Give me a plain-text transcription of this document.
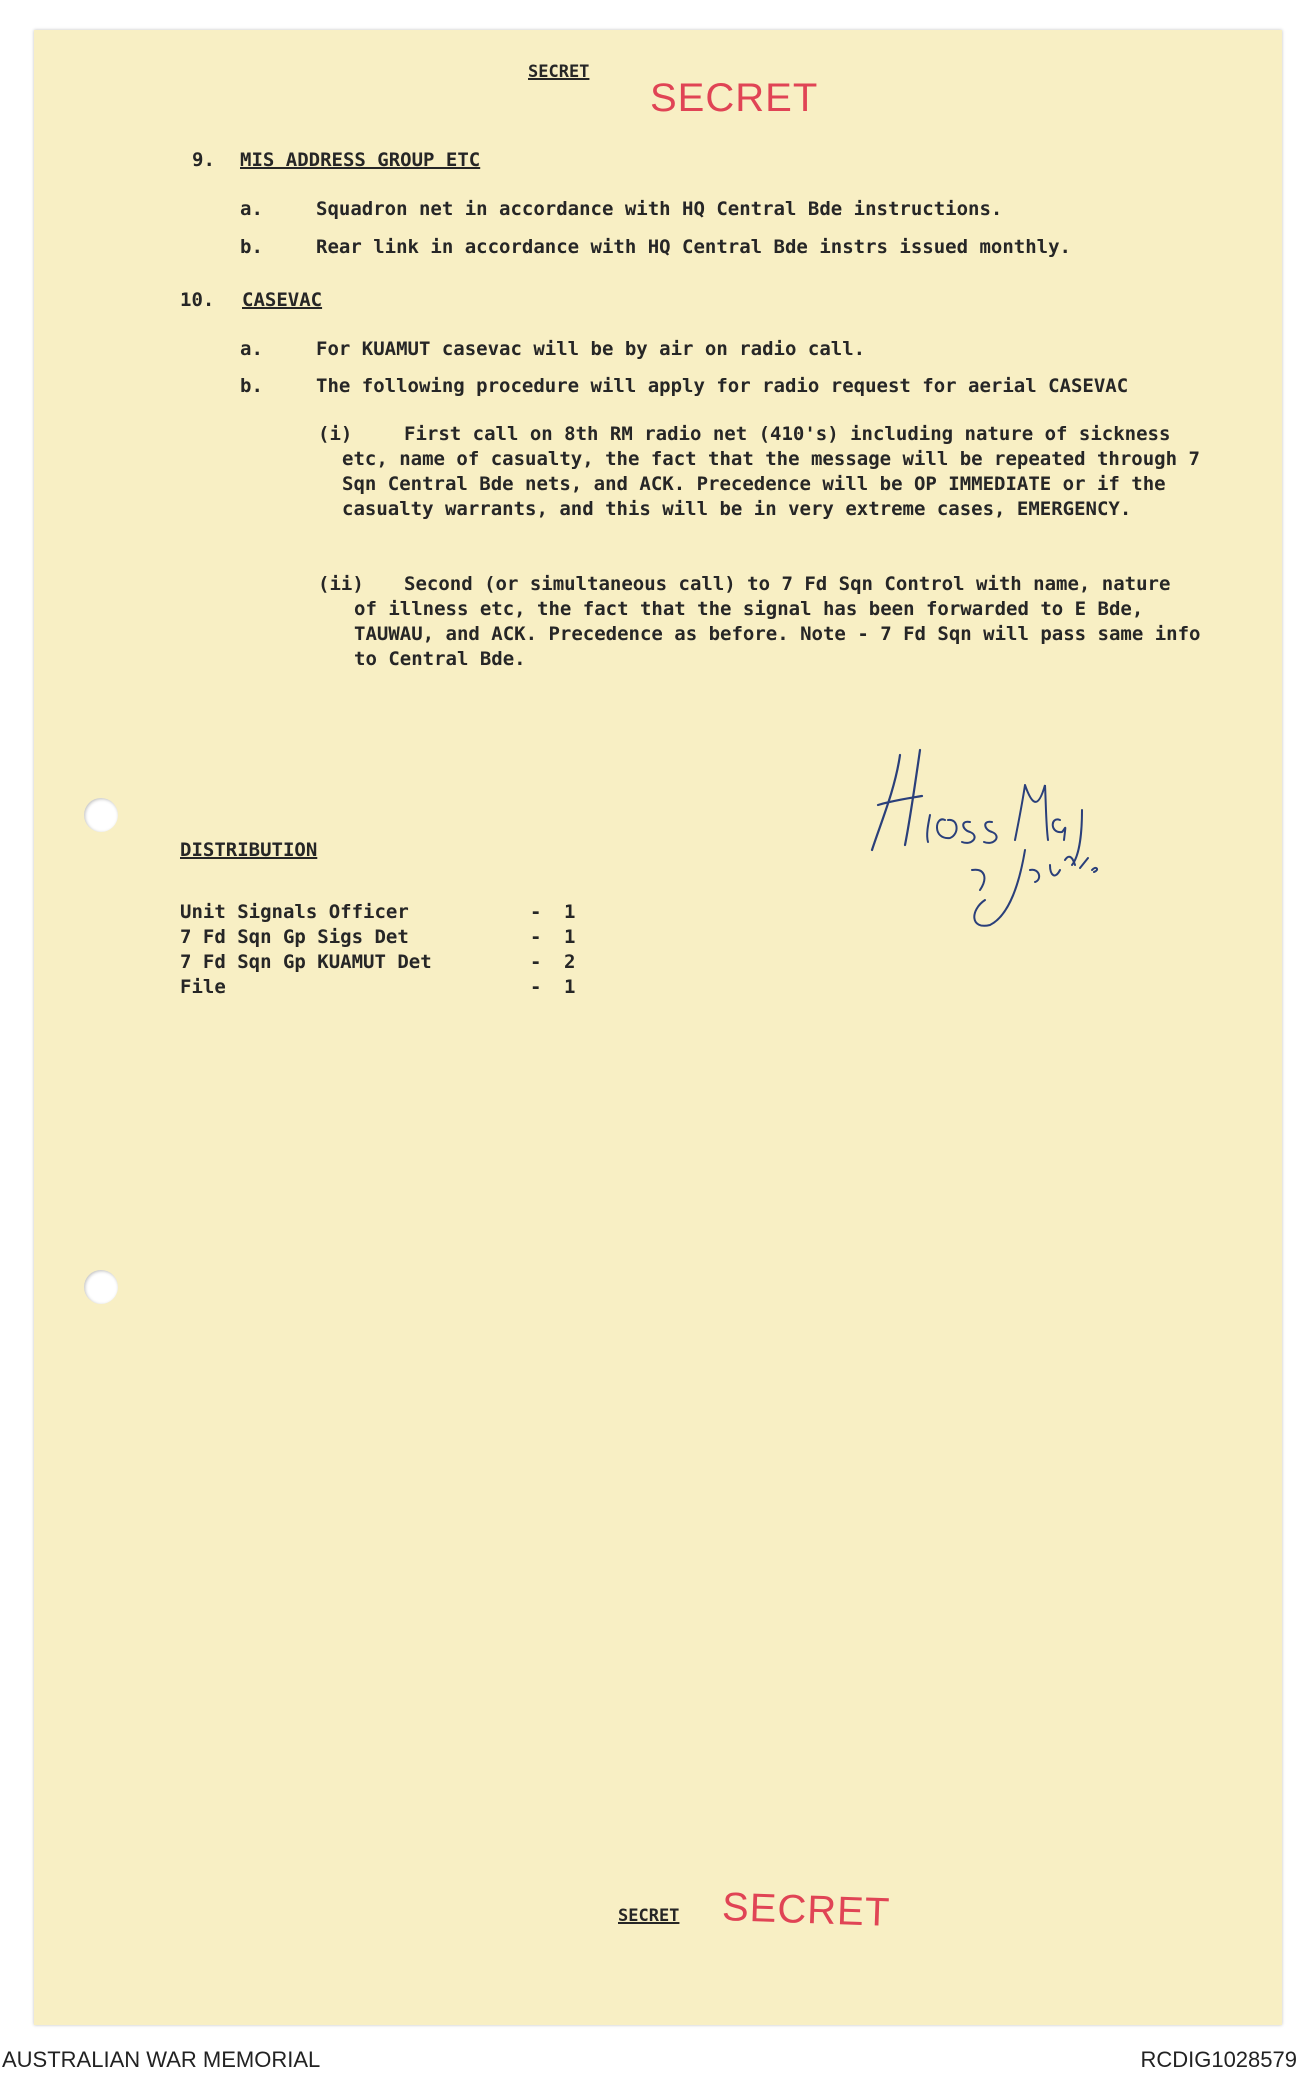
SECRET
SECRET
9. MIS ADDRESS GROUP ETC
a.	Squadron net in accordance with HQ Central Bde instructions.
b.	Rear link in accordance with HQ Central Bde instrs issued monthly.
10. CASEVAC
a.	For KUAMUT casevac will be by air on radio call.
b.	The following procedure will apply for radio request for aerial CASEVAC
(i)	First call on 8th RM radio net (410's) including nature of sickness etc, name of casualty, the fact that the message will be repeated through 7 Sqn Central Bde nets, and ACK. Precedence will be OP IMMEDIATE or if the casualty warrants, and this will be in very extreme cases, EMERGENCY.
(ii)	Second (or simultaneous call) to 7 Fd Sqn Control with name, nature of illness etc, the fact that the signal has been forwarded to E Bde, TAUWAU, and ACK. Precedence as before. Note - 7 Fd Sqn will pass same info to Central Bde.
DISTRIBUTION
Unit Signals Officer	-	1
7 Fd Sqn Gp Sigs Det	-	1
7 Fd Sqn Gp KUAMUT Det	-	2
File	-	1
SECRET SECRET
AUSTRALIAN WAR MEMORIAL	RCDIG1028579
